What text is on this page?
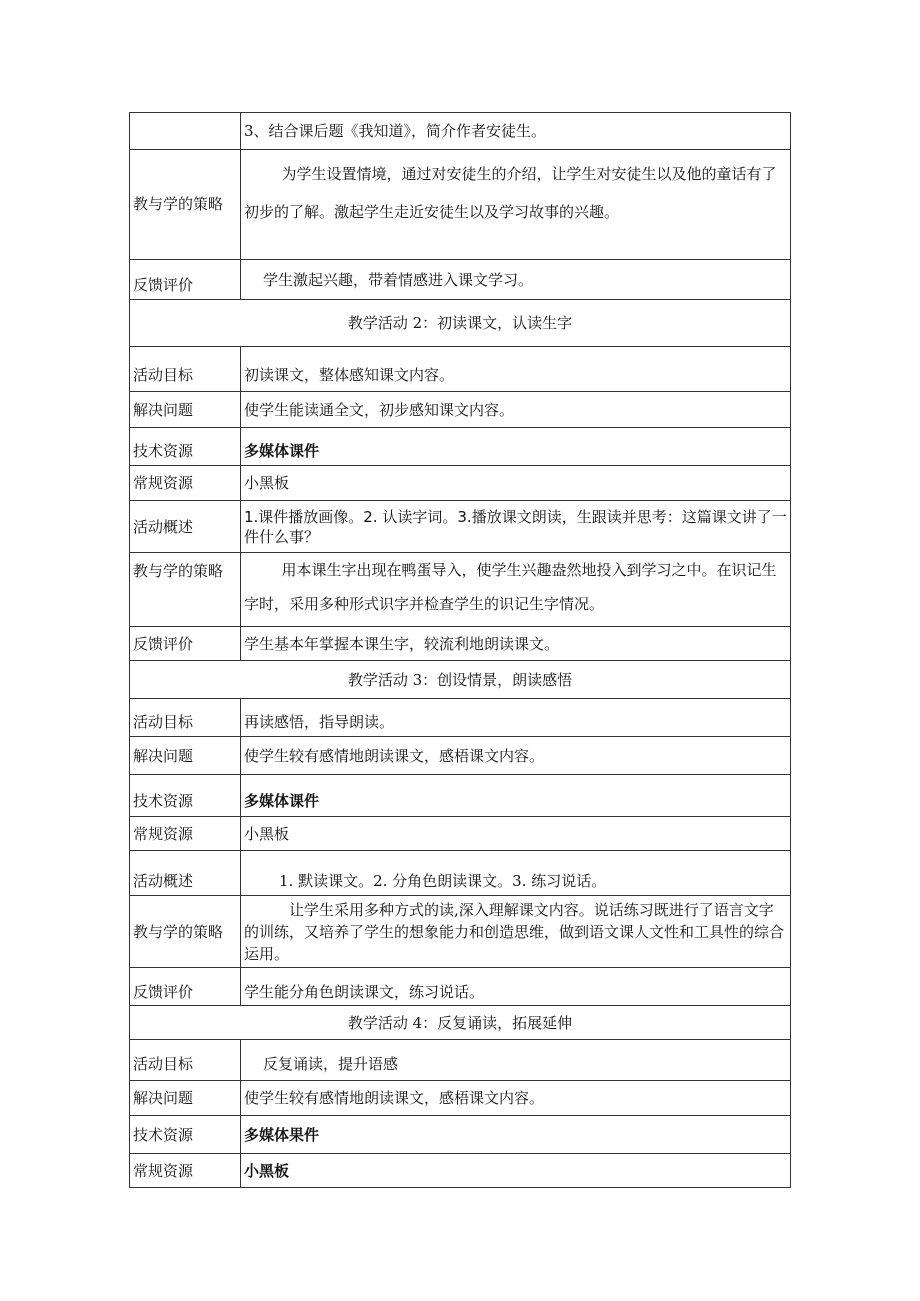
	3、结合课后题《我知道》，简介作者安徒生。

教与学的策略	为学生设置情境，通过对安徒生的介绍，让学生对安徒生以及他的童话有了初步的了解。激起学生走近安徒生以及学习故事的兴趣。

反馈评价	学生激起兴趣，带着情感进入课文学习。
教学活动 2：初读课文，认读生字	
活动目标	初读课文，整体感知课文内容。
解决问题	使学生能读通全文，初步感知课文内容。
技术资源	多媒体课件
常规资源	小黑板
活动概述	1.课件播放画像。2. 认读字词。3.播放课文朗读，生跟读并思考：这篇课文讲了一件什么事？

教与学的策略	用本课生字出现在鸭蛋导入，使学生兴趣盎然地投入到学习之中。在识记生字时，采用多种形式识字并检查学生的识记生字情况。

反馈评价	学生基本年掌握本课生字，较流利地朗读课文。
教学活动 3：创设情景，朗读感悟	
活动目标	再读感悟，指导朗读。
解决问题	使学生较有感情地朗读课文，感梧课文内容。
技术资源	多媒体课件
常规资源	小黑板
活动概述	1. 默读课文。2. 分角色朗读课文。3. 练习说话。

教与学的策略	让学生采用多种方式的读,深入理解课文内容。说话练习既进行了语言文字的训练，又培养了学生的想象能力和创造思维，做到语文课人文性和工具性的综合运用。

反馈评价	学生能分角色朗读课文，练习说话。
教学活动 4：反复诵读，拓展延伸	
活动目标	反复诵读，提升语感
解决问题	使学生较有感情地朗读课文，感梧课文内容。
技术资源	多媒体果件
常规资源	小黑板
